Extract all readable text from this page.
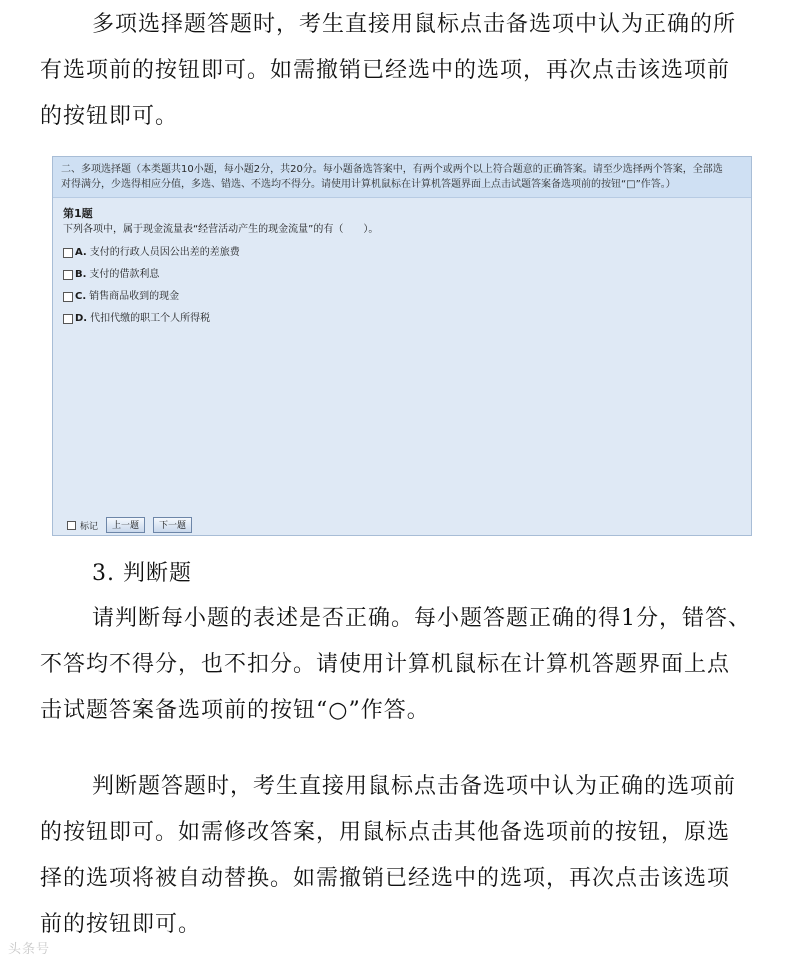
多项选择题答题时，考生直接用鼠标点击备选项中认为正确的所
有选项前的按钮即可。如需撤销已经选中的选项，再次点击该选项前
的按钮即可。
二、多项选择题（本类题共10小题，每小题2分，共20分。每小题备选答案中，有两个或两个以上符合题意的正确答案。请至少选择两个答案，全部选
对得满分，少选得相应分值，多选、错选、不选均不得分。请使用计算机鼠标在计算机答题界面上点击试题答案备选项前的按钮“□”作答。）
第1题
下列各项中，属于现金流量表“经营活动产生的现金流量”的有（　　）。
A. 支付的行政人员因公出差的差旅费
B. 支付的借款利息
C. 销售商品收到的现金
D. 代扣代缴的职工个人所得税
标记	上一题	下一题
3. 判断题
请判断每小题的表述是否正确。每小题答题正确的得1分，错答、
不答均不得分，也不扣分。请使用计算机鼠标在计算机答题界面上点
击试题答案备选项前的按钮“○”作答。
判断题答题时，考生直接用鼠标点击备选项中认为正确的选项前
的按钮即可。如需修改答案，用鼠标点击其他备选项前的按钮，原选
择的选项将被自动替换。如需撤销已经选中的选项，再次点击该选项
前的按钮即可。
头条号
